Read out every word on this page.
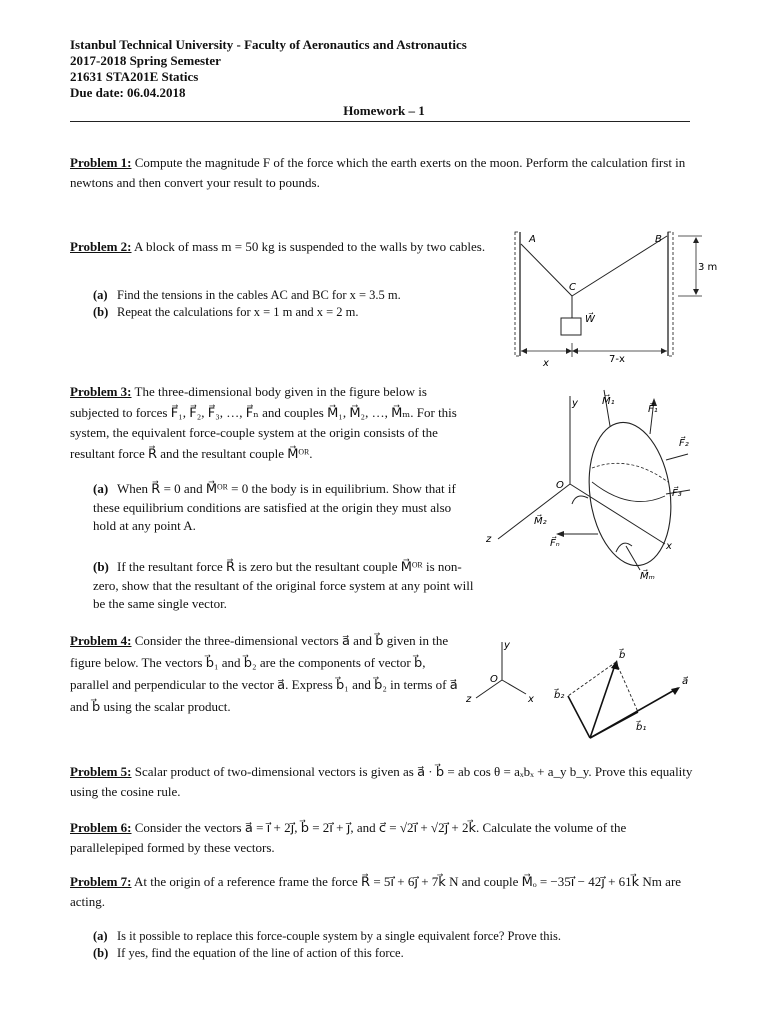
Istanbul Technical University - Faculty of Aeronautics and Astronautics
2017-2018 Spring Semester
21631 STA201E Statics
Due date: 06.04.2018
Homework – 1
Problem 1: Compute the magnitude F of the force which the earth exerts on the moon. Perform the calculation first in newtons and then convert your result to pounds.
Problem 2: A block of mass m = 50 kg is suspended to the walls by two cables.
(a) Find the tensions in the cables AC and BC for x = 3.5 m.
(b) Repeat the calculations for x = 1 m and x = 2 m.
A	B
C
W⃗
3 m
x	7-x
Problem 3: The three-dimensional body given in the figure below is subjected to forces F⃗₁, F⃗₂, F⃗₃, …, F⃗ₙ and couples M⃗₁, M⃗₂, …, M⃗ₘ. For this system, the equivalent force-couple system at the origin consists of the resultant force R⃗ and the resultant couple M⃗ᴼᴿ.
(a) When R⃗ = 0 and M⃗ᴼᴿ = 0 the body is in equilibrium. Show that if these equilibrium conditions are satisfied at the origin they must also hold at any point A.
(b) If the resultant force R⃗ is zero but the resultant couple M⃗ᴼᴿ is non-zero, show that the resultant of the original force system at any point will be the same single vector.
y
z
x
O
M⃗₁
F⃗₁
F⃗₂
F⃗₃
M⃗₂
F⃗ₙ
M⃗ₘ
Problem 4: Consider the three-dimensional vectors a⃗ and b⃗ given in the figure below. The vectors b⃗₁ and b⃗₂ are the components of vector b⃗, parallel and perpendicular to the vector a⃗. Express b⃗₁ and b⃗₂ in terms of a⃗ and b⃗ using the scalar product.
y
z	x
O
b⃗
a⃗
b⃗₁
b⃗₂
Problem 5: Scalar product of two-dimensional vectors is given as a⃗ · b⃗ = ab cos θ = aₓbₓ + a_y b_y. Prove this equality using the cosine rule.
Problem 6: Consider the vectors a⃗ = i⃗ + 2j⃗, b⃗ = 2i⃗ + j⃗, and c⃗ = √2i⃗ + √2j⃗ + 2k⃗. Calculate the volume of the parallelepiped formed by these vectors.
Problem 7: At the origin of a reference frame the force R⃗ = 5i⃗ + 6j⃗ + 7k⃗ N and couple M⃗ₒ = −35i⃗ − 42j⃗ + 61k⃗ Nm are acting.
(a) Is it possible to replace this force-couple system by a single equivalent force? Prove this.
(b) If yes, find the equation of the line of action of this force.
